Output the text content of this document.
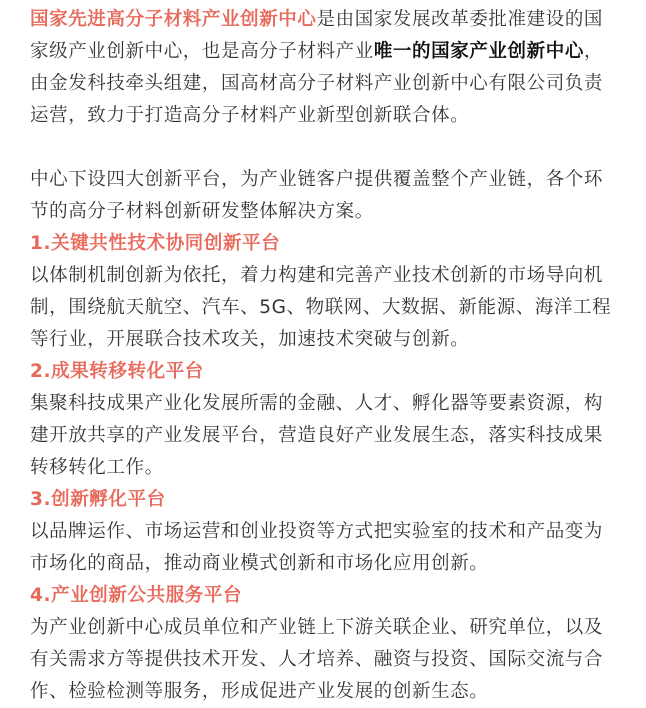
国家先进高分子材料产业创新中心是由国家发展改革委批准建设的国家级产业创新中心，也是高分子材料产业唯一的国家产业创新中心，由金发科技牵头组建，国高材高分子材料产业创新中心有限公司负责运营，致力于打造高分子材料产业新型创新联合体。

中心下设四大创新平台，为产业链客户提供覆盖整个产业链，各个环节的高分子材料创新研发整体解决方案。

1.关键共性技术协同创新平台

以体制机制创新为依托，着力构建和完善产业技术创新的市场导向机制，围绕航天航空、汽车、5G、物联网、大数据、新能源、海洋工程等行业，开展联合技术攻关，加速技术突破与创新。

2.成果转移转化平台

集聚科技成果产业化发展所需的金融、人才、孵化器等要素资源，构建开放共享的产业发展平台，营造良好产业发展生态，落实科技成果转移转化工作。

3.创新孵化平台

以品牌运作、市场运营和创业投资等方式把实验室的技术和产品变为市场化的商品，推动商业模式创新和市场化应用创新。

4.产业创新公共服务平台

为产业创新中心成员单位和产业链上下游关联企业、研究单位，以及有关需求方等提供技术开发、人才培养、融资与投资、国际交流与合作、检验检测等服务，形成促进产业发展的创新生态。
